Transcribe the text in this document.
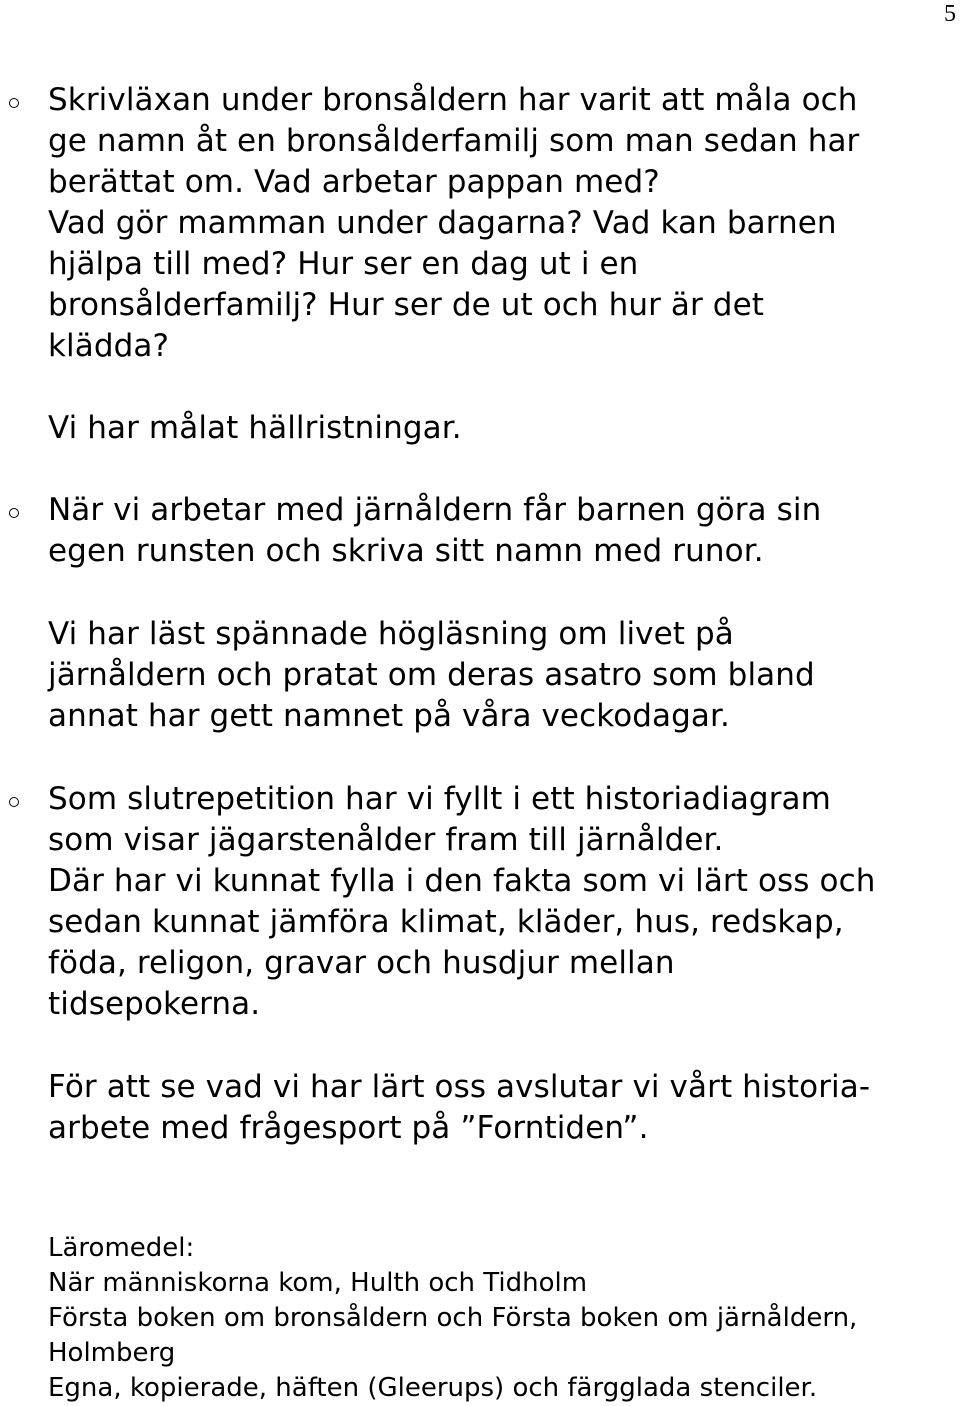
5

Skrivläxan under bronsåldern har varit att måla och
ge namn åt en bronsålderfamilj som man sedan har
berättat om. Vad arbetar pappan med?
Vad gör mamman under dagarna? Vad kan barnen
hjälpa till med? Hur ser en dag ut i en
bronsålderfamilj? Hur ser de ut och hur är det
klädda?

Vi har målat hällristningar.

När vi arbetar med järnåldern får barnen göra sin
egen runsten och skriva sitt namn med runor.

Vi har läst spännade högläsning om livet på
järnåldern och pratat om deras asatro som bland
annat har gett namnet på våra veckodagar.

Som slutrepetition har vi fyllt i ett historiadiagram
som visar jägarstenålder fram till järnålder.
Där har vi kunnat fylla i den fakta som vi lärt oss och
sedan kunnat jämföra klimat, kläder, hus, redskap,
föda, religon, gravar och husdjur mellan
tidsepokerna.

För att se vad vi har lärt oss avslutar vi vårt historia-
arbete med frågesport på ”Forntiden”.

Läromedel:

När människorna kom, Hulth och Tidholm

Första boken om bronsåldern och Första boken om järnåldern,

Holmberg

Egna, kopierade, häften (Gleerups) och färgglada stenciler.
